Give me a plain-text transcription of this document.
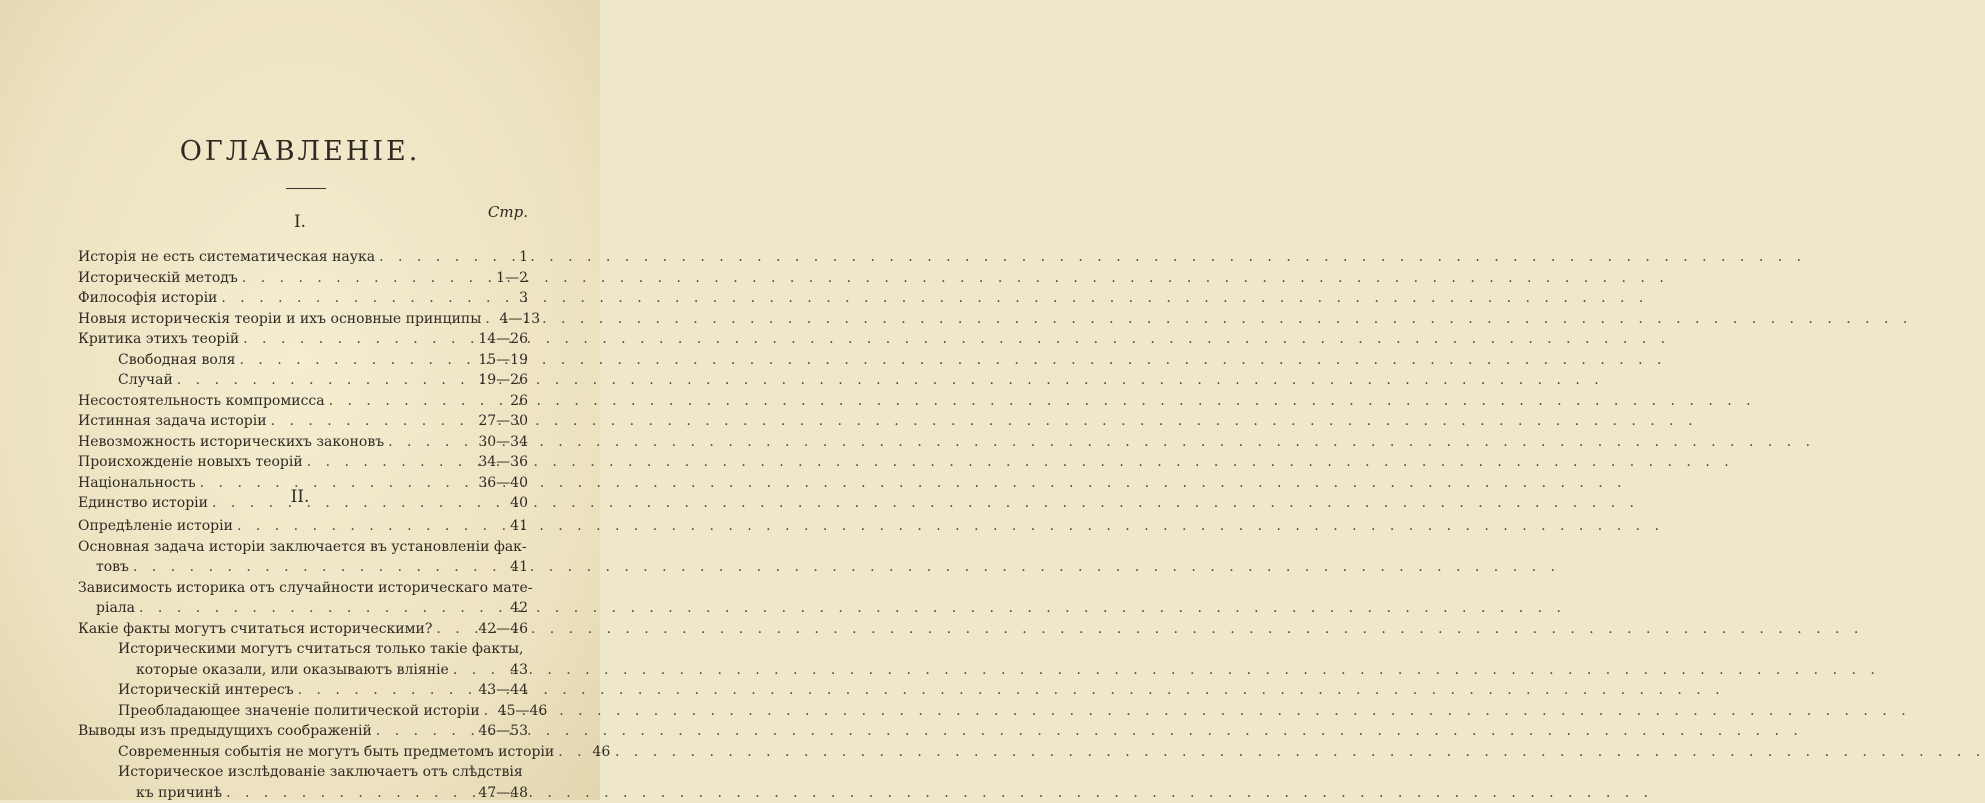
ОГЛАВЛЕНІЕ.
Стр.
I.
Исторія не есть систематическая наука . . .	1
Историческій методъ . . .	1—2
Философія исторіи . . .	3
Новыя историческія теоріи и ихъ основные принципы . . . 4—13
Критика этихъ теорій . . .	14—26
Свободная воля . . .	15—19
Случай . . .	19—26
Несостоятельность компромисса . . .	26
Истинная задача исторіи . . .	27—30
Невозможность историческихъ законовъ . . .	30—34
Происхожденіе новыхъ теорій . . .	34—36
Національность . . .	36—40
Единство исторіи . . .	40
II.
Опредѣленіе исторіи . . .	41
Основная задача исторіи заключается въ установленіи фак-
товъ . . .	41
Зависимость историка отъ случайности историческаго мате-
ріала . . .	42
Какіе факты могутъ считаться историческими? . . .	42—46
Историческими могутъ считаться только такіе факты,
которые оказали, или оказываютъ вліяніе . . .	43
Историческій интересъ . . .	43—44
Преобладающее значеніе политической исторіи . . . 45—46
Выводы изъ предыдущихъ соображеній . . .	46—53
Современныя событія не могутъ быть предметомъ исторіи . . .	46
Историческое изслѣдованіе заключаетъ отъ слѣдствія
къ причинѣ . . .	47—48
